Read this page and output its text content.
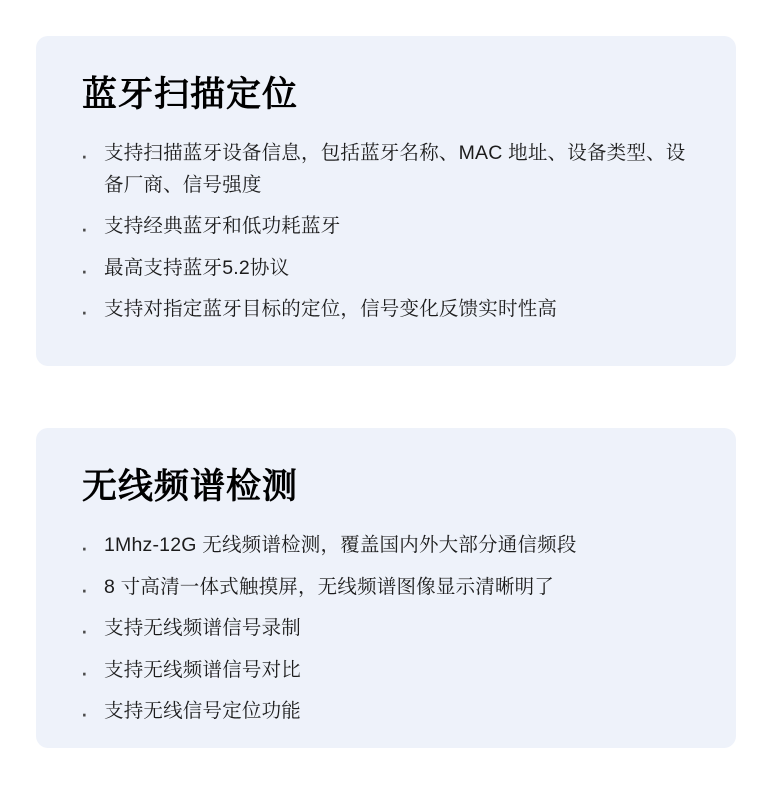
蓝牙扫描定位
· 支持扫描蓝牙设备信息，包括蓝牙名称、MAC 地址、设备类型、设备厂商、信号强度
· 支持经典蓝牙和低功耗蓝牙
· 最高支持蓝牙5.2协议
· 支持对指定蓝牙目标的定位，信号变化反馈实时性高
无线频谱检测
· 1Mhz-12G 无线频谱检测，覆盖国内外大部分通信频段
· 8 寸高清一体式触摸屏，无线频谱图像显示清晰明了
· 支持无线频谱信号录制
· 支持无线频谱信号对比
· 支持无线信号定位功能
